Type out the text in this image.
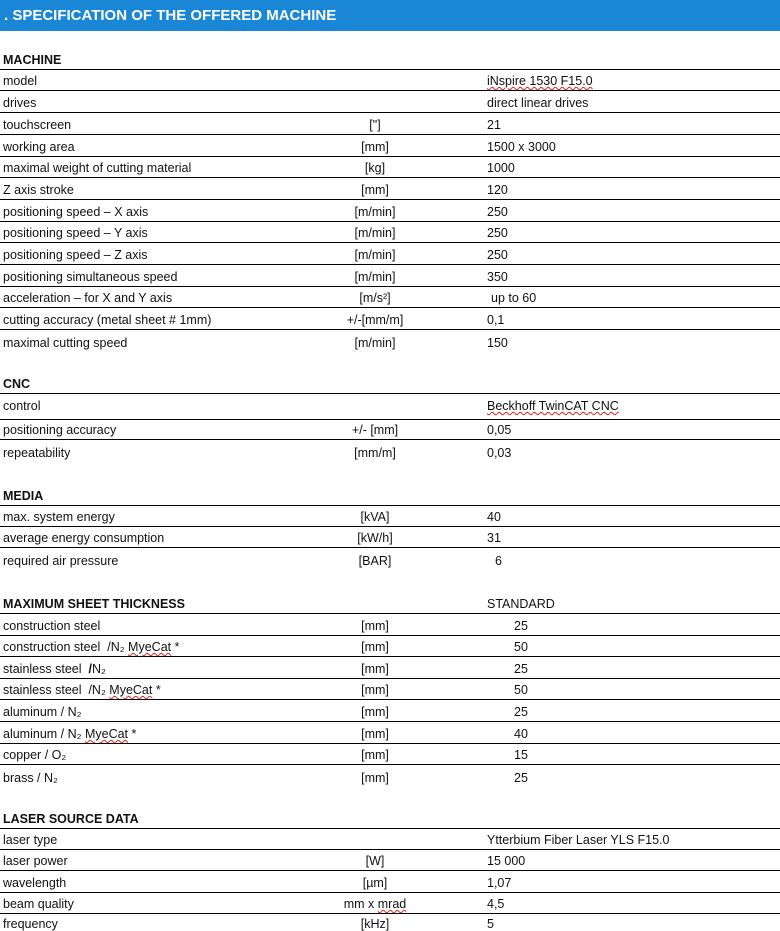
. SPECIFICATION OF THE OFFERED MACHINE
MACHINE
model	iNspire 1530 F15.0
drives	direct linear drives
touchscreen	["]	21
working area	[mm]	1500 x 3000
maximal weight of cutting material	[kg]	1000
Z axis stroke	[mm]	120
positioning speed – X axis	[m/min]	250
positioning speed – Y axis	[m/min]	250
positioning speed – Z axis	[m/min]	250
positioning simultaneous speed	[m/min]	350
acceleration – for X and Y axis	[m/s²]	up to 60
cutting accuracy (metal sheet # 1mm)	+/-[mm/m]	0,1
maximal cutting speed	[m/min]	150
CNC
control	Beckhoff TwinCAT CNC
positioning accuracy	+/- [mm]	0,05
repeatability	[mm/m]	0,03
MEDIA
max. system energy	[kVA]	40
average energy consumption	[kW/h]	31
required air pressure	[BAR]	6
MAXIMUM SHEET THICKNESS	STANDARD
construction steel	[mm]	25
construction steel  /N₂ MyeCat *	[mm]	50
stainless steel  /N₂	[mm]	25
stainless steel  /N₂ MyeCat *	[mm]	50
aluminum / N₂	[mm]	25
aluminum / N₂ MyeCat *	[mm]	40
copper / O₂	[mm]	15
brass / N₂	[mm]	25
LASER SOURCE DATA
laser type	Ytterbium Fiber Laser YLS F15.0
laser power	[W]	15 000
wavelength	[µm]	1,07
beam quality	mm x mrad	4,5
frequency	[kHz]	5
